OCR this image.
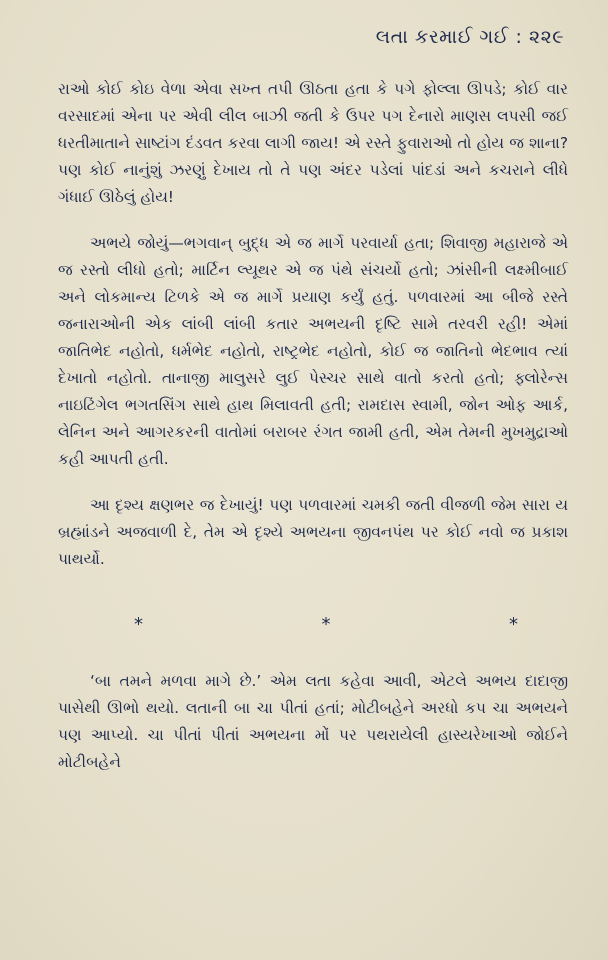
લતા કરમાઈ ગઈ : ૨૨૯

રાઓ કોઈ કોઇ વેળા એવા સખ્ત તપી ઊઠતા હતા કે પગે ફોલ્લા ઊપડે; કોઈ વાર વરસાદમાં એના પર એવી લીલ બાઝી જતી કે ઉપર પગ દેનારો માણસ લપસી જઈ ધરતીમાતાને સાષ્ટાંગ દંડવત કરવા લાગી જાય! એ રસ્તે ફુવારાઓ તો હોય જ શાના? પણ કોઈ નાનુંશું ઝરણું દેખાય તો તે પણ અંદર પડેલાં પાંદડાં અને કચરાને લીધે ગંધાઈ ઊઠેલું હોય!

અભયે જોયું—ભગવાન્ બુદ્ધ એ જ માર્ગે પરવાર્યા હતા; શિવાજી મહારાજે એ જ રસ્તો લીધો હતો; માર્ટિન લ્યૂથર એ જ પંથે સંચર્યો હતો; ઝાંસીની લક્ષ્મીબાઈ અને લોકમાન્ય ટિળકે એ જ માર્ગે પ્રયાણ કર્યું હતું. પળવારમાં આ બીજે રસ્તે જનારાઓની એક લાંબી લાંબી કતાર અભયની દૃષ્ટિ સામે તરવરી રહી! એમાં જાતિભેદ નહોતો, ધર્મભેદ નહોતો, રાષ્ટ્રભેદ નહોતો, કોઈ જ જાતિનો ભેદભાવ ત્યાં દેખાતો નહોતો. તાનાજી માલુસરે લુઈ પેસ્ચર સાથે વાતો કરતો હતો; ફ્લોરેન્સ નાઇટિંગેલ ભગતસિંગ સાથે હાથ મિલાવતી હતી; રામદાસ સ્વામી, જોન ઓફ આર્ક, લેનિન અને આગરકરની વાતોમાં બરાબર રંગત જામી હતી, એમ તેમની મુખમુદ્રાઓ કહી આપતી હતી.

આ દૃશ્ય ક્ષણભર જ દેખાયું! પણ પળવારમાં ચમકી જતી વીજળી જેમ સારા ય બ્રહ્માંડને અજવાળી દે, તેમ એ દૃશ્યે અભયના જીવનપંથ પર કોઈ નવો જ પ્રકાશ પાથર્યો.

*	*	*

‘બા તમને મળવા માગે છે.’ એમ લતા કહેવા આવી, એટલે અભય દાદાજી પાસેથી ઊભો થયો. લતાની બા ચા પીતાં હતાં; મોટીબહેને અરધો કપ ચા અભયને પણ આપ્યો. ચા પીતાં પીતાં અભયના મોં પર પથરાયેલી હાસ્યરેખાઓ જોઈને મોટીબહેને
